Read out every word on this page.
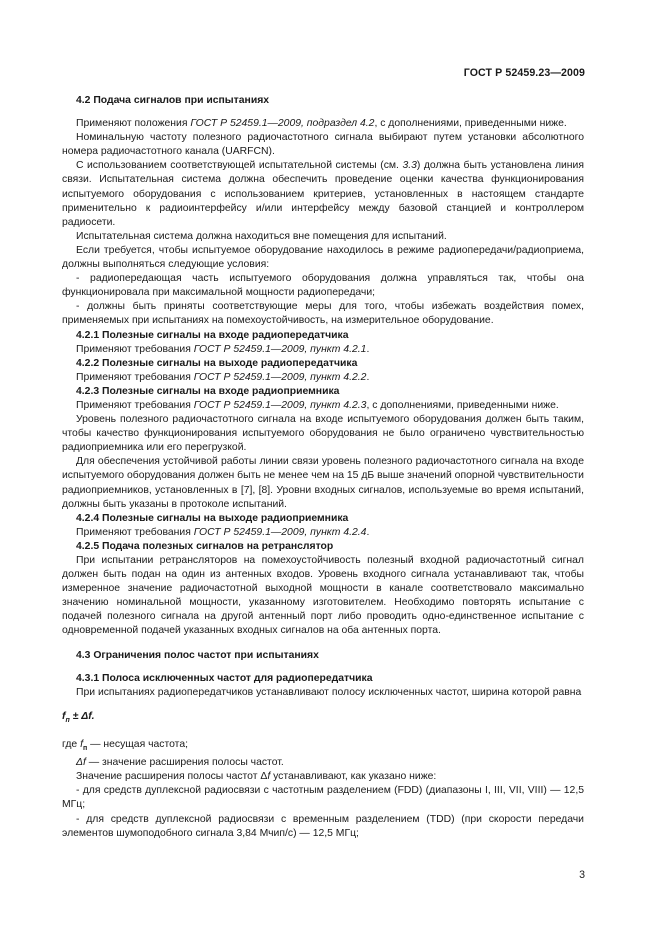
ГОСТ Р 52459.23—2009

4.2 Подача сигналов при испытаниях

Применяют положения ГОСТ Р 52459.1—2009, подраздел 4.2, с дополнениями, приведенными ниже.

Номинальную частоту полезного радиочастотного сигнала выбирают путем установки абсолютного номера радиочастотного канала (UARFCN).

С использованием соответствующей испытательной системы (см. 3.3) должна быть установлена линия связи. Испытательная система должна обеспечить проведение оценки качества функционирования испытуемого оборудования с использованием критериев, установленных в настоящем стандарте применительно к радиоинтерфейсу и/или интерфейсу между базовой станцией и контроллером радиосети.

Испытательная система должна находиться вне помещения для испытаний.

Если требуется, чтобы испытуемое оборудование находилось в режиме радиопередачи/радиоприема, должны выполняться следующие условия:

- радиопередающая часть испытуемого оборудования должна управляться так, чтобы она функционировала при максимальной мощности радиопередачи;

- должны быть приняты соответствующие меры для того, чтобы избежать воздействия помех, применяемых при испытаниях на помехоустойчивость, на измерительное оборудование.

4.2.1 Полезные сигналы на входе радиопередатчика

Применяют требования ГОСТ Р 52459.1—2009, пункт 4.2.1.

4.2.2 Полезные сигналы на выходе радиопередатчика

Применяют требования ГОСТ Р 52459.1—2009, пункт 4.2.2.

4.2.3 Полезные сигналы на входе радиоприемника

Применяют требования ГОСТ Р 52459.1—2009, пункт 4.2.3, с дополнениями, приведенными ниже.

Уровень полезного радиочастотного сигнала на входе испытуемого оборудования должен быть таким, чтобы качество функционирования испытуемого оборудования не было ограничено чувствительностью радиоприемника или его перегрузкой.

Для обеспечения устойчивой работы линии связи уровень полезного радиочастотного сигнала на входе испытуемого оборудования должен быть не менее чем на 15 дБ выше значений опорной чувствительности радиоприемников, установленных в [7], [8]. Уровни входных сигналов, используемые во время испытаний, должны быть указаны в протоколе испытаний.

4.2.4 Полезные сигналы на выходе радиоприемника

Применяют требования ГОСТ Р 52459.1—2009, пункт 4.2.4.

4.2.5 Подача полезных сигналов на ретранслятор

При испытании ретрансляторов на помехоустойчивость полезный входной радиочастотный сигнал должен быть подан на один из антенных входов. Уровень входного сигнала устанавливают так, чтобы измеренное значение радиочастотной выходной мощности в канале соответствовало максимально значению номинальной мощности, указанному изготовителем. Необходимо повторять испытание с подачей полезного сигнала на другой антенный порт либо проводить одно-единственное испытание с одновременной подачей указанных входных сигналов на оба антенных порта.

4.3 Ограничения полос частот при испытаниях

4.3.1 Полоса исключенных частот для радиопередатчика

При испытаниях радиопередатчиков устанавливают полосу исключенных частот, ширина которой равна

$f_п \pm \Delta f$.

где $f_п$ — несущая частота;

Δf — значение расширения полосы частот.

Значение расширения полосы частот Δf устанавливают, как указано ниже:

- для средств дуплексной радиосвязи с частотным разделением (FDD) (диапазоны I, III, VII, VIII) — 12,5 МГц;

- для средств дуплексной радиосвязи с временным разделением (TDD) (при скорости передачи элементов шумоподобного сигнала 3,84 Мчип/с) — 12,5 МГц;

3
